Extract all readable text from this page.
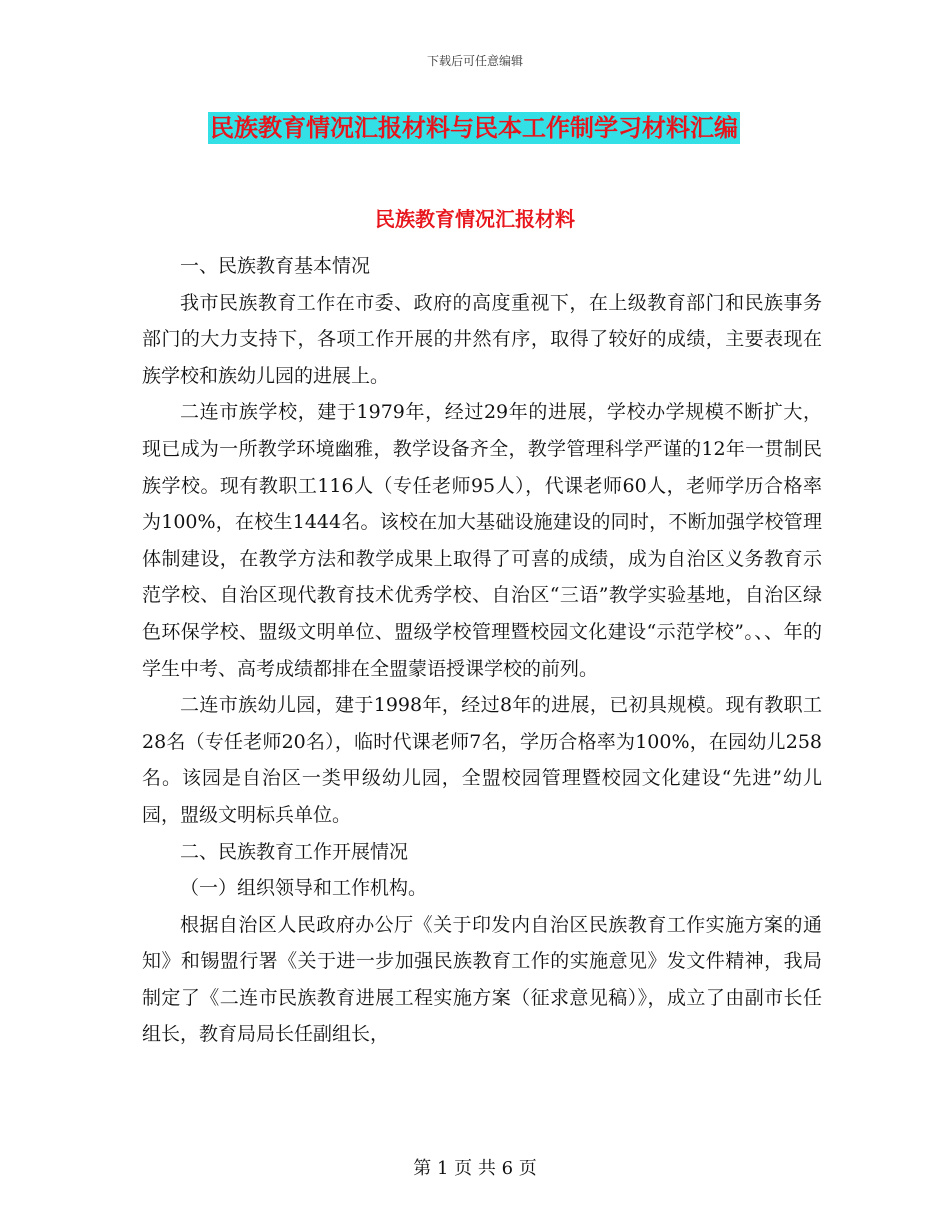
下载后可任意编辑
民族教育情况汇报材料与民本工作制学习材料汇编
民族教育情况汇报材料

一、民族教育基本情况

我市民族教育工作在市委、政府的高度重视下，在上级教育部门和民族事务部门的大力支持下，各项工作开展的井然有序，取得了较好的成绩，主要表现在族学校和族幼儿园的进展上。

二连市族学校，建于1979年，经过29年的进展，学校办学规模不断扩大，现已成为一所教学环境幽雅，教学设备齐全，教学管理科学严谨的12年一贯制民族学校。现有教职工116人（专任老师95人），代课老师60人，老师学历合格率为100%，在校生1444名。该校在加大基础设施建设的同时，不断加强学校管理体制建设，在教学方法和教学成果上取得了可喜的成绩，成为自治区义务教育示范学校、自治区现代教育技术优秀学校、自治区“三语”教学实验基地，自治区绿色环保学校、盟级文明单位、盟级学校管理暨校园文化建设“示范学校”。、、年的学生中考、高考成绩都排在全盟蒙语授课学校的前列。

二连市族幼儿园，建于1998年，经过8年的进展，已初具规模。现有教职工28名（专任老师20名），临时代课老师7名，学历合格率为100%，在园幼儿258名。该园是自治区一类甲级幼儿园，全盟校园管理暨校园文化建设“先进”幼儿园，盟级文明标兵单位。

二、民族教育工作开展情况

（一）组织领导和工作机构。

根据自治区人民政府办公厅《关于印发内自治区民族教育工作实施方案的通知》和锡盟行署《关于进一步加强民族教育工作的实施意见》发文件精神，我局制定了《二连市民族教育进展工程实施方案（征求意见稿）》，成立了由副市长任组长，教育局局长任副组长，

第 1 页 共 6 页
